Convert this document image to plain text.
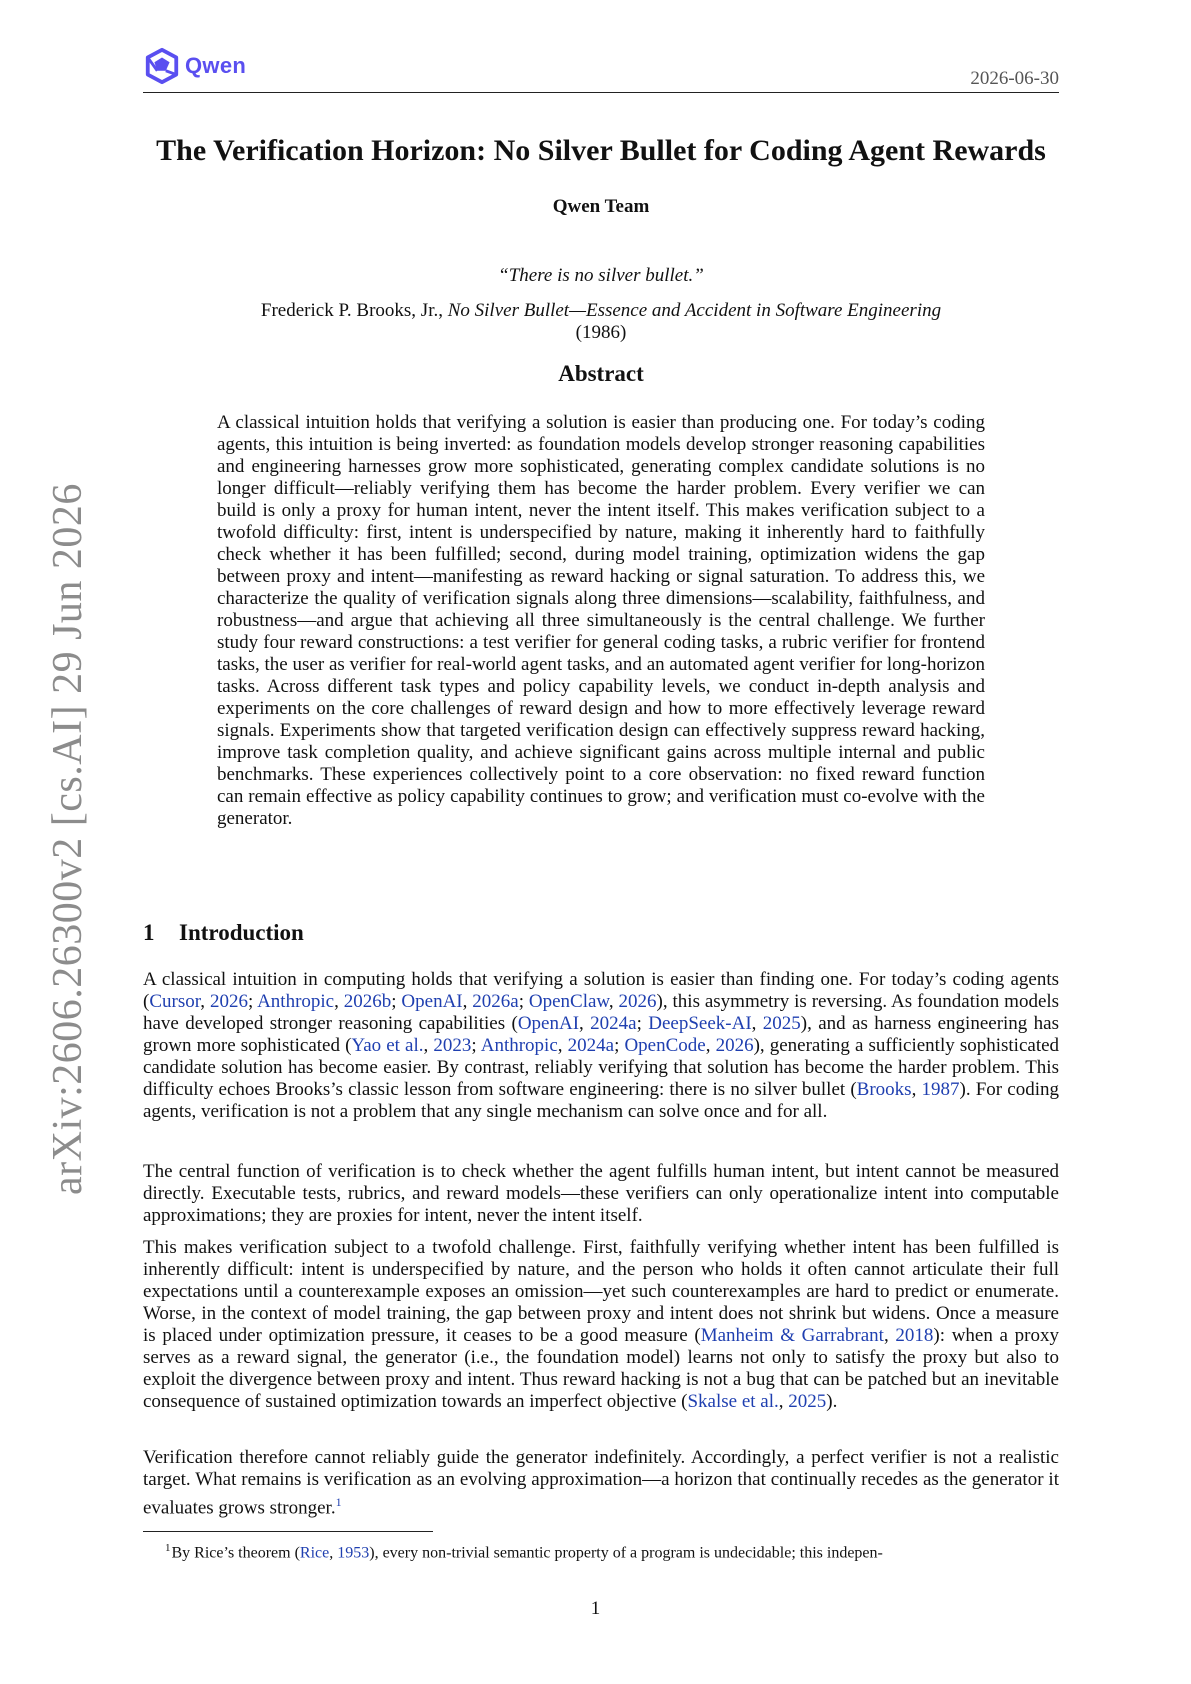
Qwen
2026-06-30
The Verification Horizon: No Silver Bullet for Coding Agent Rewards
Qwen Team
“There is no silver bullet.”
Frederick P. Brooks, Jr., No Silver Bullet—Essence and Accident in Software Engineering
(1986)
Abstract

A classical intuition holds that verifying a solution is easier than producing one. For today’s coding agents, this intuition is being inverted: as foundation models develop stronger reasoning capabilities and engineering harnesses grow more sophisticated, generating complex candidate solutions is no longer difficult—reliably verifying them has become the harder problem. Every verifier we can build is only a proxy for human intent, never the intent itself. This makes verification subject to a twofold difficulty: first, intent is underspecified by nature, making it inherently hard to faithfully check whether it has been fulfilled; second, during model training, optimization widens the gap between proxy and intent—manifesting as reward hacking or signal saturation. To address this, we characterize the quality of verification signals along three dimensions—scalability, faithfulness, and robustness—and argue that achieving all three simultaneously is the central challenge. We further study four reward constructions: a test verifier for general coding tasks, a rubric verifier for frontend tasks, the user as verifier for real-world agent tasks, and an automated agent verifier for long-horizon tasks. Across different task types and policy capability levels, we conduct in-depth analysis and experiments on the core challenges of reward design and how to more effectively leverage reward signals. Experiments show that targeted verification design can effectively suppress reward hacking, improve task completion quality, and achieve significant gains across multiple internal and public benchmarks. These experiences collectively point to a core observation: no fixed reward function can remain effective as policy capability continues to grow; and verification must co-evolve with the generator.

1 Introduction

A classical intuition in computing holds that verifying a solution is easier than finding one. For today’s coding agents (Cursor, 2026; Anthropic, 2026b; OpenAI, 2026a; OpenClaw, 2026), this asymmetry is reversing. As foundation models have developed stronger reasoning capabilities (OpenAI, 2024a; DeepSeek-AI, 2025), and as harness engineering has grown more sophisticated (Yao et al., 2023; Anthropic, 2024a; OpenCode, 2026), generating a sufficiently sophisticated candidate solution has become easier. By contrast, reliably verifying that solution has become the harder problem. This difficulty echoes Brooks’s classic lesson from software engineering: there is no silver bullet (Brooks, 1987). For coding agents, verification is not a problem that any single mechanism can solve once and for all.

The central function of verification is to check whether the agent fulfills human intent, but intent cannot be measured directly. Executable tests, rubrics, and reward models—these verifiers can only operationalize intent into computable approximations; they are proxies for intent, never the intent itself.

This makes verification subject to a twofold challenge. First, faithfully verifying whether intent has been fulfilled is inherently difficult: intent is underspecified by nature, and the person who holds it often cannot articulate their full expectations until a counterexample exposes an omission—yet such counterexamples are hard to predict or enumerate. Worse, in the context of model training, the gap between proxy and intent does not shrink but widens. Once a measure is placed under optimization pressure, it ceases to be a good measure (Manheim & Garrabrant, 2018): when a proxy serves as a reward signal, the generator (i.e., the foundation model) learns not only to satisfy the proxy but also to exploit the divergence between proxy and intent. Thus reward hacking is not a bug that can be patched but an inevitable consequence of sustained optimization towards an imperfect objective (Skalse et al., 2025).

Verification therefore cannot reliably guide the generator indefinitely. Accordingly, a perfect verifier is not a realistic target. What remains is verification as an evolving approximation—a horizon that continually recedes as the generator it evaluates grows stronger.$^1$

$^1$By Rice’s theorem (Rice, 1953), every non-trivial semantic property of a program is undecidable; this indepen-
1
arXiv:2606.26300v2 [cs.AI] 29 Jun 2026
